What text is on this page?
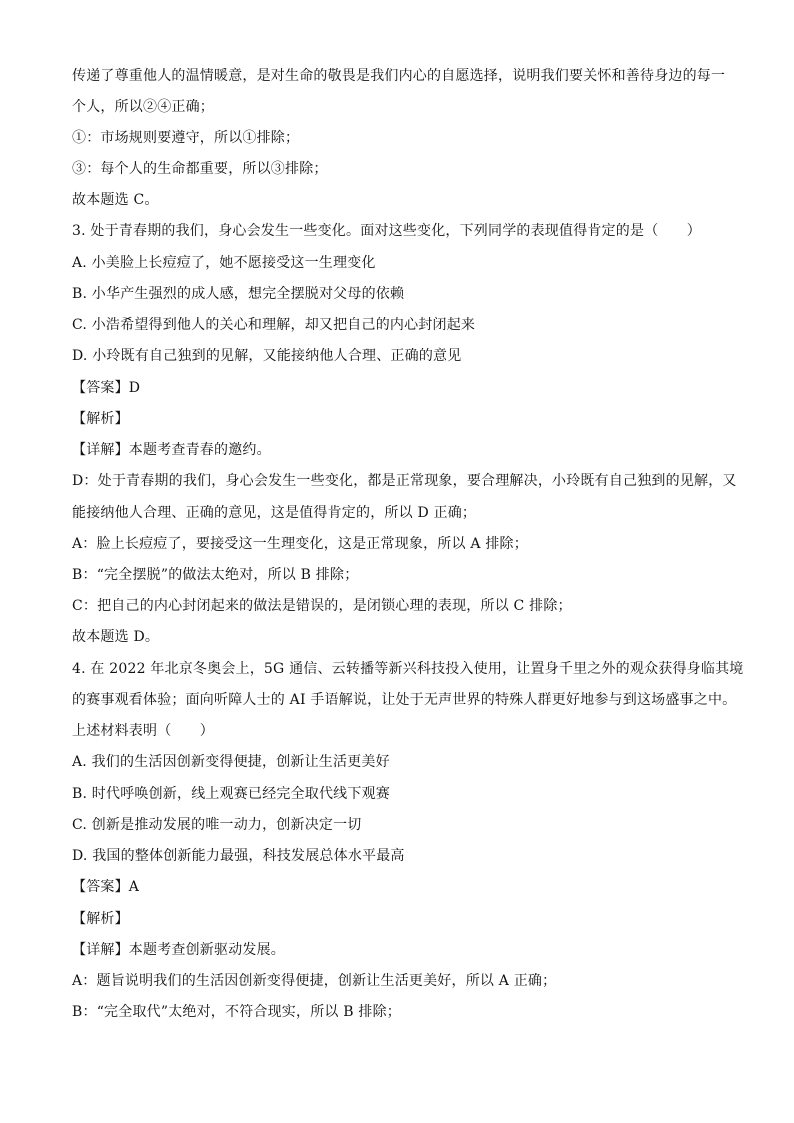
传递了尊重他人的温情暖意，是对生命的敬畏是我们内心的自愿选择，说明我们要关怀和善待身边的每一
个人，所以②④正确；
①：市场规则要遵守，所以①排除；
③：每个人的生命都重要，所以③排除；
故本题选 C。
3. 处于青春期的我们，身心会发生一些变化。面对这些变化，下列同学的表现值得肯定的是（　　）
A. 小美脸上长痘痘了，她不愿接受这一生理变化
B. 小华产生强烈的成人感，想完全摆脱对父母的依赖
C. 小浩希望得到他人的关心和理解，却又把自己的内心封闭起来
D. 小玲既有自己独到的见解，又能接纳他人合理、正确的意见
【答案】D
【解析】
【详解】本题考查青春的邀约。
D：处于青春期的我们，身心会发生一些变化，都是正常现象，要合理解决，小玲既有自己独到的见解，又
能接纳他人合理、正确的意见，这是值得肯定的，所以 D 正确；
A：脸上长痘痘了，要接受这一生理变化，这是正常现象，所以 A 排除；
B：“完全摆脱”的做法太绝对，所以 B 排除；
C：把自己的内心封闭起来的做法是错误的，是闭锁心理的表现，所以 C 排除；
故本题选 D。
4. 在 2022 年北京冬奥会上，5G 通信、云转播等新兴科技投入使用，让置身千里之外的观众获得身临其境
的赛事观看体验；面向听障人士的 AI 手语解说，让处于无声世界的特殊人群更好地参与到这场盛事之中。
上述材料表明（　　）
A. 我们的生活因创新变得便捷，创新让生活更美好
B. 时代呼唤创新，线上观赛已经完全取代线下观赛
C. 创新是推动发展的唯一动力，创新决定一切
D. 我国的整体创新能力最强，科技发展总体水平最高
【答案】A
【解析】
【详解】本题考查创新驱动发展。
A：题旨说明我们的生活因创新变得便捷，创新让生活更美好，所以 A 正确；
B：“完全取代”太绝对，不符合现实，所以 B 排除；
